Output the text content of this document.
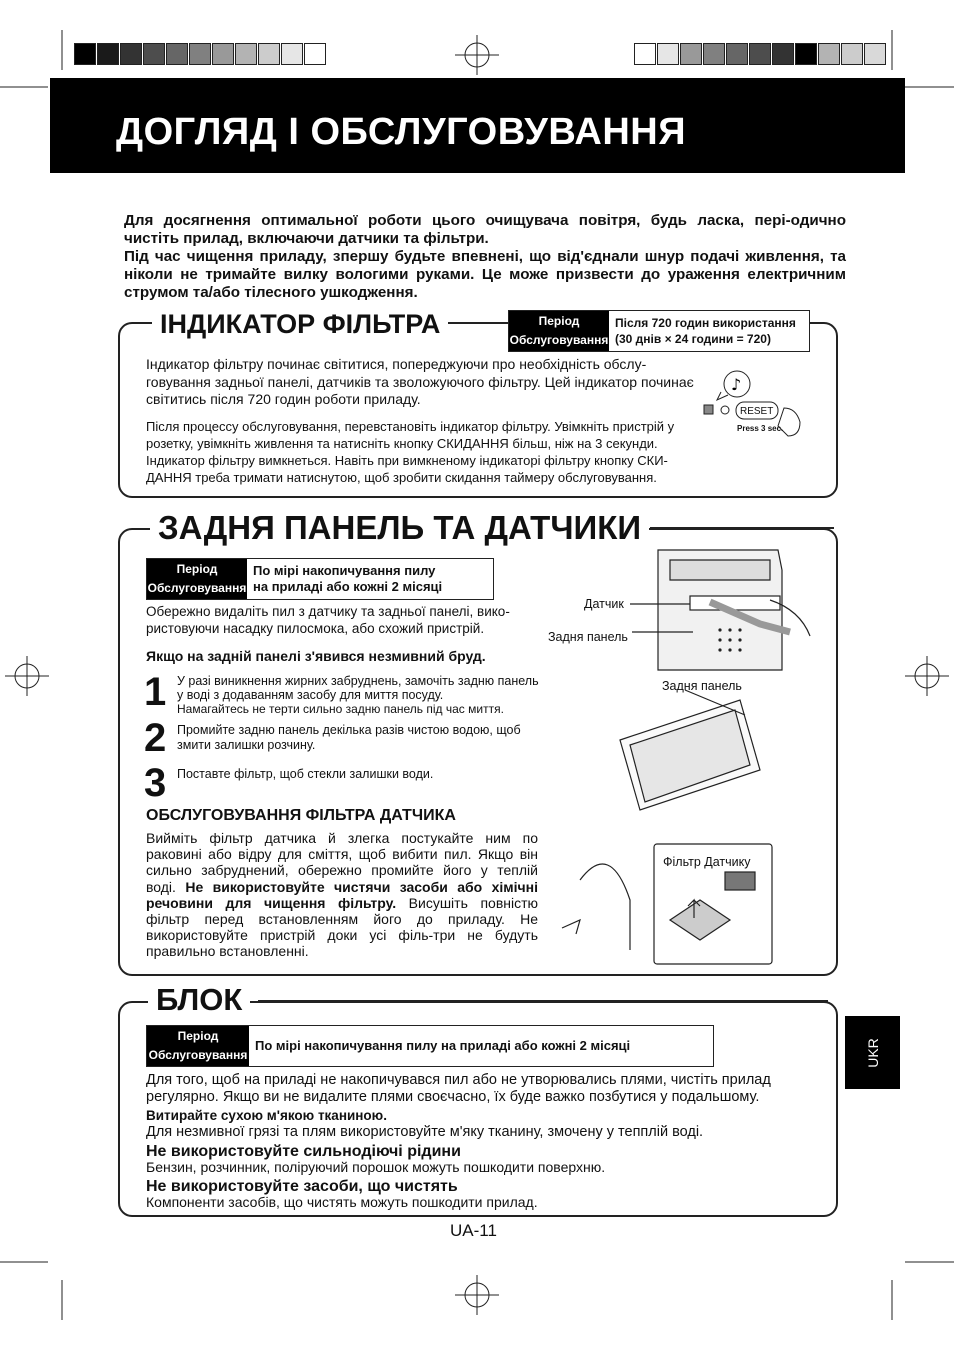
ДОГЛЯД І ОБСЛУГОВУВАННЯ

Для досягнення оптимальної роботи цього очищувача повітря, будь ласка, пері-одично чистіть прилад, включаючи датчики та фільтри.

Під час чищення приладу, зпершу будьте впевнені, що від'єднали шнур подачі живлення, та ніколи не тримайте вилку вологими руками. Це може призвести до ураження електричним струмом та/або тілесного ушкодження.

ІНДИКАТОР ФІЛЬТРА	Період
Обслуговування
Після 720 годин використання
(30 днів × 24 години = 720)
Індикатор фільтру починає світитися, попереджуючи про необхідність обслу-говування задньої панелі, датчиків та зволожуючого фільтру. Цей індикатор починає світитись після 720 годин роботи приладу.
Після процессу обслуговування, перевстановіть індикатор фільтру. Увімкніть пристрій у розетку, увімкніть живлення та натисніть кнопку СКИДАННЯ більш, ніж на 3 секунди. Індикатор фільтру вимкнеться. Навіть при вимкненому індикаторі фільтру кнопку СКИ-ДАННЯ треба тримати натиснутою, щоб зробити скидання таймеру обслуговування.
♪
RESET
Press 3 sec.
ЗАДНЯ ПАНЕЛЬ ТА ДАТЧИКИ
Період
Обслуговування
По мірі накопичування пилу
на приладі або кожні 2 місяці
Обережно видаліть пил з датчику та задньої панелі, вико-ристовуючи насадку пилосмока, або схожий пристрій.
Якщо на задній панелі з'явився незмивний бруд.
1 У разі виникнення жирних забруднень, замочіть задню панель у воді з додаванням засобу для миття посуду.
Намагайтесь не терти сильно задню панель під час миття.
2 Промийте задню панель декілька разів чистою водою, щоб змити залишки розчину.
3 Поставте фільтр, щоб стекли залишки води.
ОБСЛУГОВУВАННЯ ФІЛЬТРА ДАТЧИКА
Вийміть фільтр датчика й злегка постукайте ним по раковині або відру для сміття, щоб вибити пил. Якщо він сильно забруднений, обережно промийте його у теплій воді. Не використовуйте чистячи засоби або хімічні речовини для чищення фільтру. Висушіть повністю фільтр перед встановленням його до приладу. Не використовуйте пристрій доки усі філь-три не будуть правильно встановленні.
Датчик
Задня панель
Задня панель
Фільтр Датчику
БЛОК
Період
Обслуговування
По мірі накопичування пилу на приладі або кожні 2 місяці
Для того, щоб на приладі не накопичувався пил або не утворювались плями, чистіть прилад регулярно. Якщо ви не видалите плями своєчасно, їх буде важко позбутися у подальшому.
Витирайте сухою м'якою тканиною.
Для незмивної грязі та плям використовуйте м'яку тканину, змочену у тепплій воді.
Не використовуйте сильнодіючі рідини
Бензин, розчинник, поліруючий порошок можуть пошкодити поверхню.
Не використовуйте засоби, що чистять
Компоненти засобів, що чистять можуть пошкодити прилад.
UKR
UA-11
